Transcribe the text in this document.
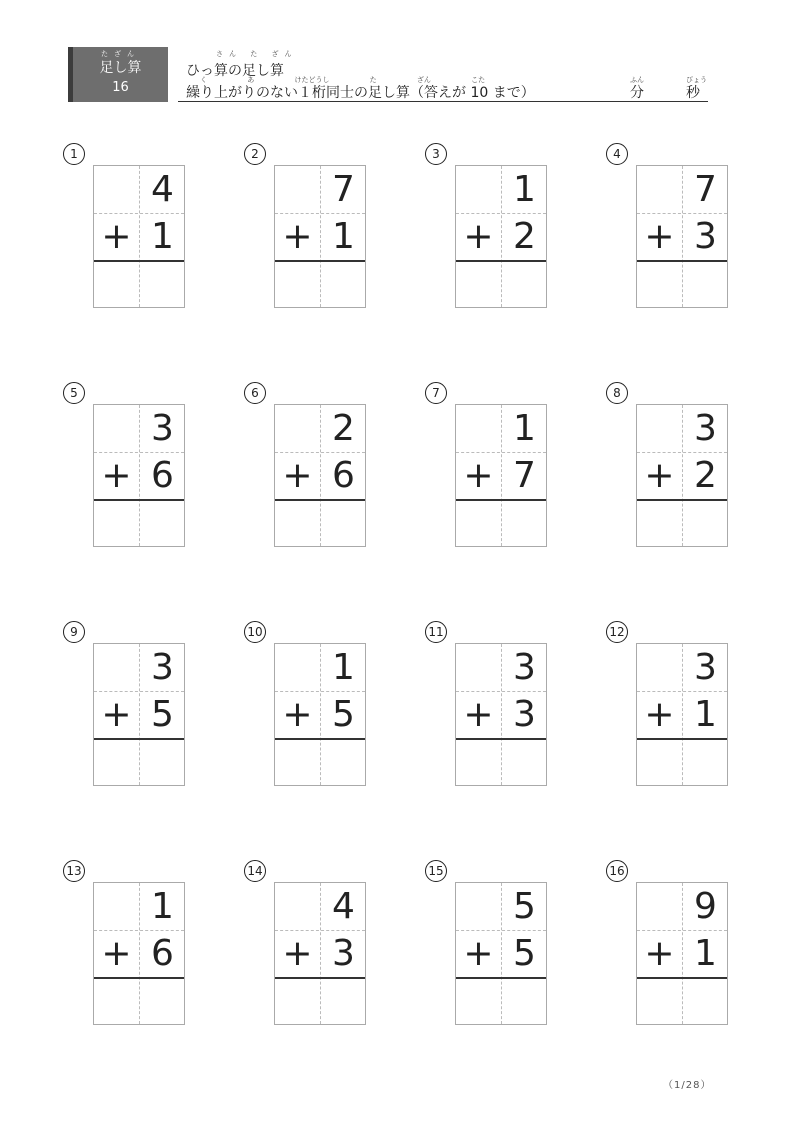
たざん
足し算
16
さん た ざん
ひっ算の足し算
く あ けたどうし た ざん こた
繰り上がりのない１桁同士の足し算（答えが 10 まで）
ふん
分
びょう
秒
1
4
+ 1
2
7
+ 1
3
1
+ 2
4
7
+ 3
5
3
+ 6
6
2
+ 6
7
1
+ 7
8
3
+ 2
9
3
+ 5
10
1
+ 5
11
3
+ 3
12
3
+ 1
13
1
+ 6
14
4
+ 3
15
5
+ 5
16
9
+ 1
（1/28）
